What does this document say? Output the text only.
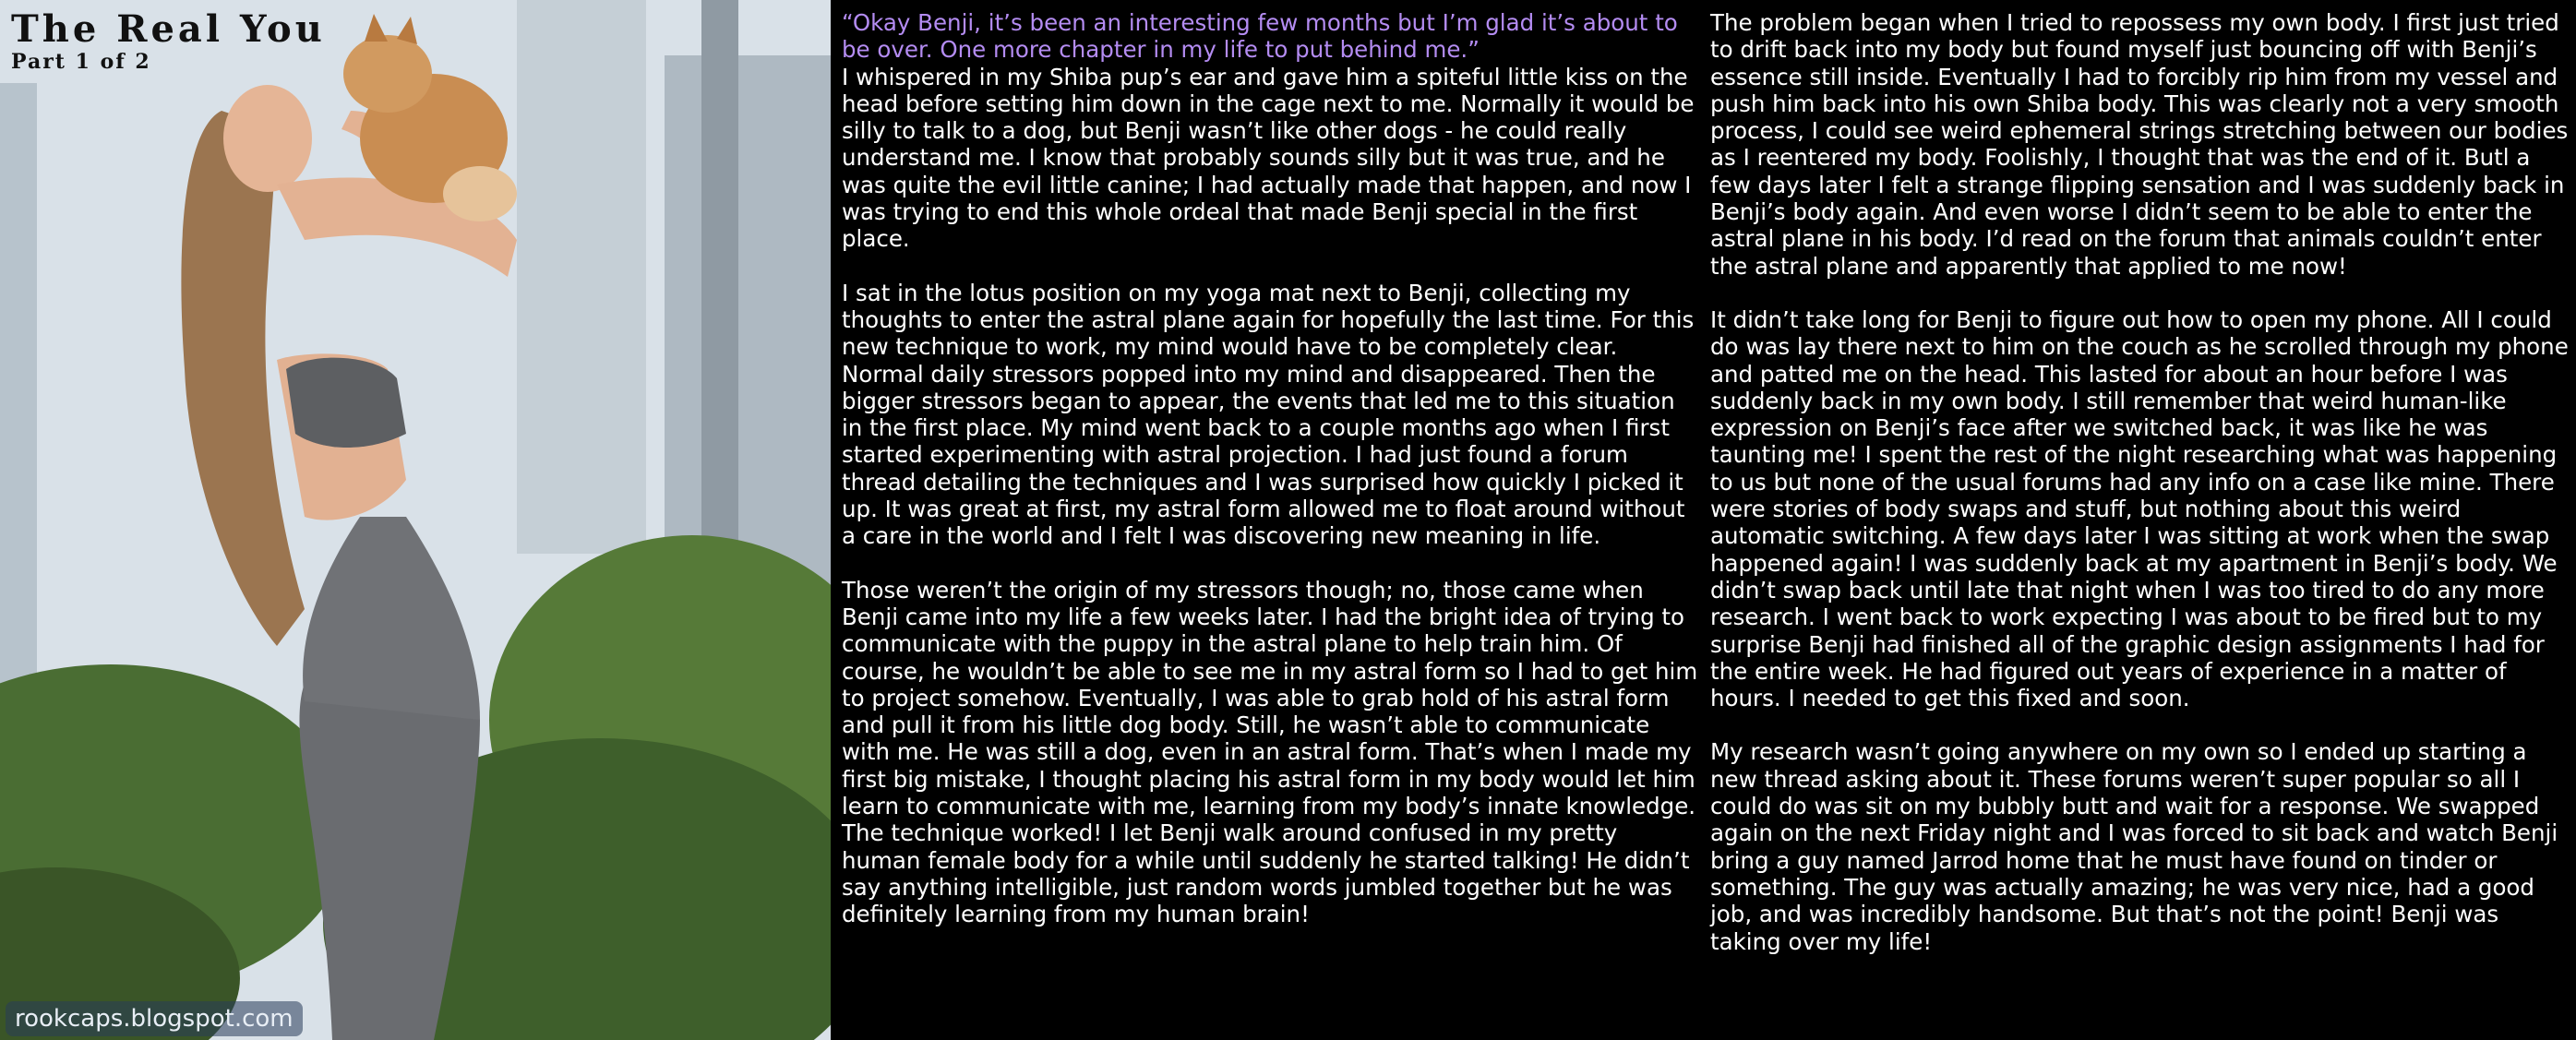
The Real You
Part 1 of 2
rookcaps.blogspot.com

“Okay Benji, it’s been an interesting few months but I’m glad it’s about to be over. One more chapter in my life to put behind me.”

I whispered in my Shiba pup’s ear and gave him a spiteful little kiss on the head before setting him down in the cage next to me. Normally it would be silly to talk to a dog, but Benji wasn’t like other dogs - he could really understand me. I know that probably sounds silly but it was true, and he was quite the evil little canine; I had actually made that happen, and now I was trying to end this whole ordeal that made Benji special in the first place.

I sat in the lotus position on my yoga mat next to Benji, collecting my thoughts to enter the astral plane again for hopefully the last time. For this new technique to work, my mind would have to be completely clear. Normal daily stressors popped into my mind and disappeared. Then the bigger stressors began to appear, the events that led me to this situation in the first place. My mind went back to a couple months ago when I first started experimenting with astral projection. I had just found a forum thread detailing the techniques and I was surprised how quickly I picked it up. It was great at first, my astral form allowed me to float around without a care in the world and I felt I was discovering new meaning in life.

Those weren’t the origin of my stressors though; no, those came when Benji came into my life a few weeks later. I had the bright idea of trying to communicate with the puppy in the astral plane to help train him. Of course, he wouldn’t be able to see me in my astral form so I had to get him to project somehow. Eventually, I was able to grab hold of his astral form and pull it from his little dog body. Still, he wasn’t able to communicate with me. He was still a dog, even in an astral form. That’s when I made my first big mistake, I thought placing his astral form in my body would let him learn to communicate with me, learning from my body’s innate knowledge. The technique worked! I let Benji walk around confused in my pretty human female body for a while until suddenly he started talking! He didn’t say anything intelligible, just random words jumbled together but he was definitely learning from my human brain!

The problem began when I tried to repossess my own body. I first just tried to drift back into my body but found myself just bouncing off with Benji’s essence still inside. Eventually I had to forcibly rip him from my vessel and push him back into his own Shiba body. This was clearly not a very smooth process, I could see weird ephemeral strings stretching between our bodies as I reentered my body. Foolishly, I thought that was the end of it. Butl a few days later I felt a strange flipping sensation and I was suddenly back in Benji’s body again. And even worse I didn’t seem to be able to enter the astral plane in his body. I’d read on the forum that animals couldn’t enter the astral plane and apparently that applied to me now!

It didn’t take long for Benji to figure out how to open my phone. All I could do was lay there next to him on the couch as he scrolled through my phone and patted me on the head. This lasted for about an hour before I was suddenly back in my own body. I still remember that weird human-like expression on Benji’s face after we switched back, it was like he was taunting me! I spent the rest of the night researching what was happening to us but none of the usual forums had any info on a case like mine. There were stories of body swaps and stuff, but nothing about this weird automatic switching. A few days later I was sitting at work when the swap happened again! I was suddenly back at my apartment in Benji’s body. We didn’t swap back until late that night when I was too tired to do any more research. I went back to work expecting I was about to be fired but to my surprise Benji had finished all of the graphic design assignments I had for the entire week. He had figured out years of experience in a matter of hours. I needed to get this fixed and soon.

My research wasn’t going anywhere on my own so I ended up starting a new thread asking about it. These forums weren’t super popular so all I could do was sit on my bubbly butt and wait for a response. We swapped again on the next Friday night and I was forced to sit back and watch Benji bring a guy named Jarrod home that he must have found on tinder or something. The guy was actually amazing; he was very nice, had a good job, and was incredibly handsome. But that’s not the point! Benji was taking over my life!
